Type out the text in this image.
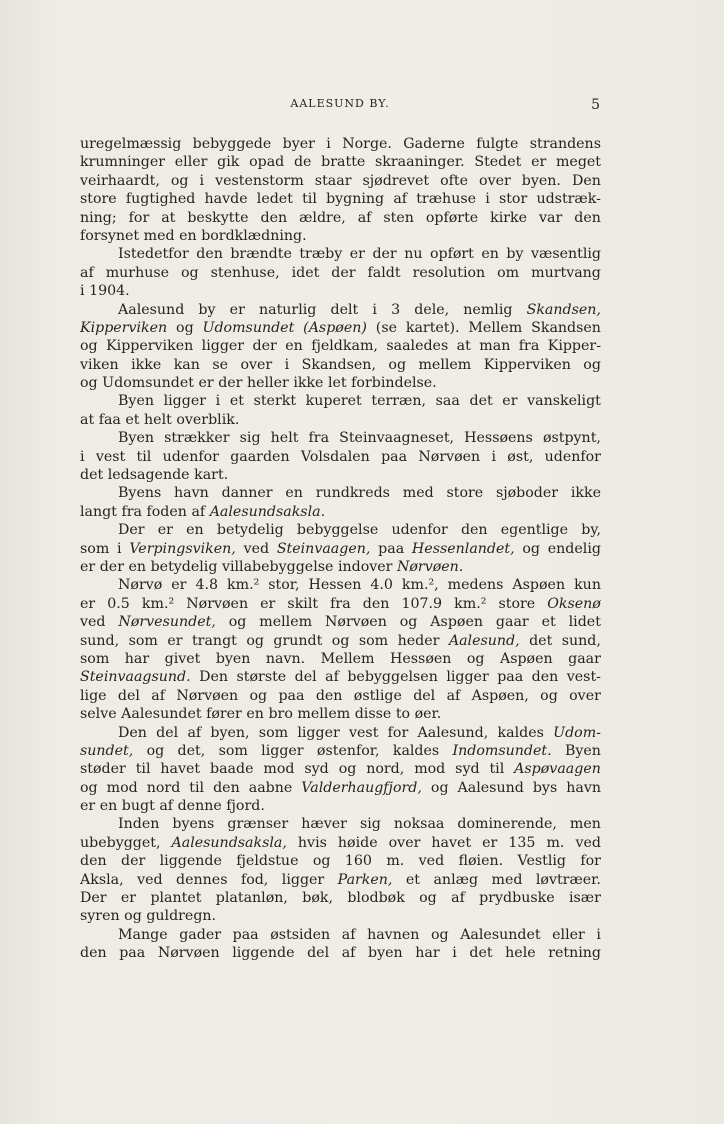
AALESUND BY.	5
uregelmæssig bebyggede byer i Norge. Gaderne fulgte strandens
krumninger eller gik opad de bratte skraaninger. Stedet er meget
veirhaardt, og i vestenstorm staar sjødrevet ofte over byen. Den
store fugtighed havde ledet til bygning af træhuse i stor udstræk-
ning; for at beskytte den ældre, af sten opførte kirke var den
forsynet med en bordklædning.
Istedetfor den brændte træby er der nu opført en by væsentlig
af murhuse og stenhuse, idet der faldt resolution om murtvang
i 1904.
Aalesund by er naturlig delt i 3 dele, nemlig Skandsen,
Kipperviken og Udomsundet (Aspøen) (se kartet). Mellem Skandsen
og Kipperviken ligger der en fjeldkam, saaledes at man fra Kipper-
viken ikke kan se over i Skandsen, og mellem Kipperviken og
og Udomsundet er der heller ikke let forbindelse.
Byen ligger i et sterkt kuperet terræn, saa det er vanskeligt
at faa et helt overblik.
Byen strækker sig helt fra Steinvaagneset, Hessøens østpynt,
i vest til udenfor gaarden Volsdalen paa Nørvøen i øst, udenfor
det ledsagende kart.
Byens havn danner en rundkreds med store sjøboder ikke
langt fra foden af Aalesundsaksla.
Der er en betydelig bebyggelse udenfor den egentlige by,
som i Verpingsviken, ved Steinvaagen, paa Hessenlandet, og endelig
er der en betydelig villabebyggelse indover Nørvøen.
Nørvø er 4.8 km.² stor, Hessen 4.0 km.², medens Aspøen kun
er 0.5 km.² Nørvøen er skilt fra den 107.9 km.² store Oksenø
ved Nørvesundet, og mellem Nørvøen og Aspøen gaar et lidet
sund, som er trangt og grundt og som heder Aalesund, det sund,
som har givet byen navn. Mellem Hessøen og Aspøen gaar
Steinvaagsund. Den største del af bebyggelsen ligger paa den vest-
lige del af Nørvøen og paa den østlige del af Aspøen, og over
selve Aalesundet fører en bro mellem disse to øer.
Den del af byen, som ligger vest for Aalesund, kaldes Udom-
sundet, og det, som ligger østenfor, kaldes Indomsundet. Byen
støder til havet baade mod syd og nord, mod syd til Aspøvaagen
og mod nord til den aabne Valderhaugfjord, og Aalesund bys havn
er en bugt af denne fjord.
Inden byens grænser hæver sig noksaa dominerende, men
ubebygget, Aalesundsaksla, hvis høide over havet er 135 m. ved
den der liggende fjeldstue og 160 m. ved fløien. Vestlig for
Aksla, ved dennes fod, ligger Parken, et anlæg med løvtræer.
Der er plantet platanløn, bøk, blodbøk og af prydbuske især
syren og guldregn.
Mange gader paa østsiden af havnen og Aalesundet eller i
den paa Nørvøen liggende del af byen har i det hele retning
